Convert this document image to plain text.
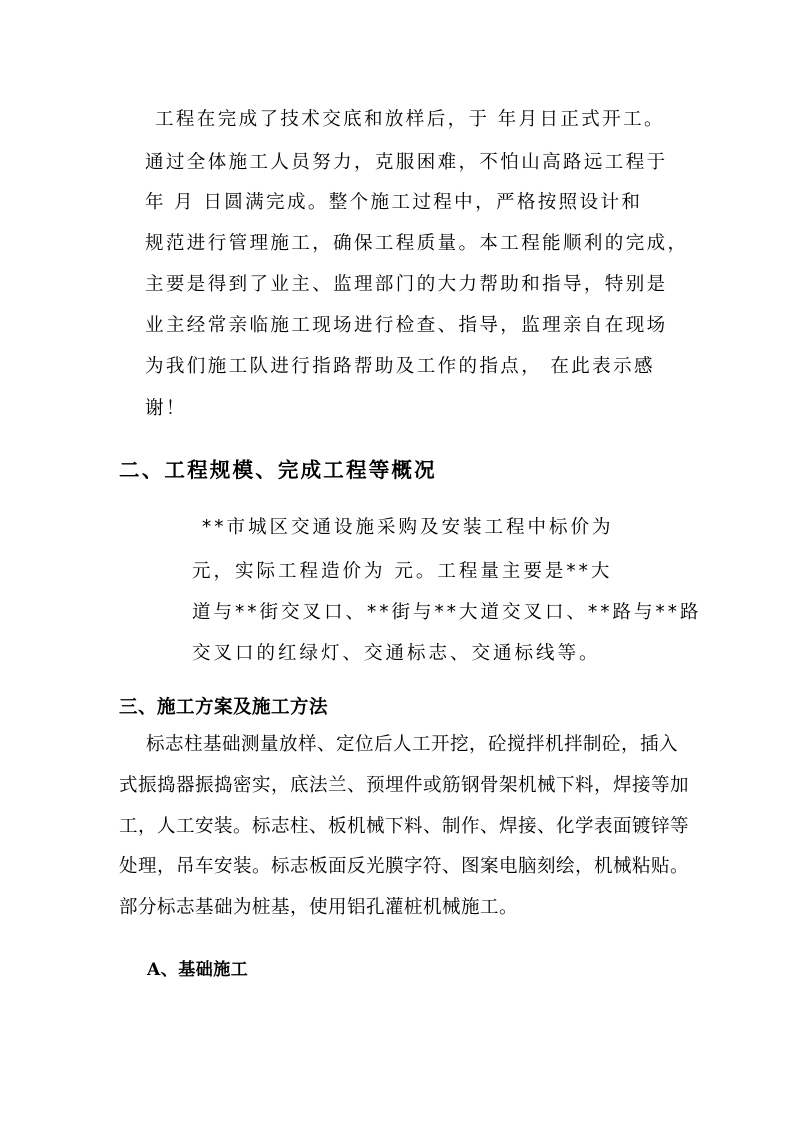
工程在完成了技术交底和放样后，于 年月日正式开工。
通过全体施工人员努力，克服困难，不怕山高路远工程于
年 月 日圆满完成。整个施工过程中，严格按照设计和
规范进行管理施工，确保工程质量。本工程能顺利的完成，
主要是得到了业主、监理部门的大力帮助和指导，特别是
业主经常亲临施工现场进行检查、指导，监理亲自在现场
为我们施工队进行指路帮助及工作的指点， 在此表示感
谢！
二、工程规模、完成工程等概况
**市城区交通设施采购及安装工程中标价为
元，实际工程造价为 元。工程量主要是**大
道与**街交叉口、**街与**大道交叉口、**路与**路
交叉口的红绿灯、交通标志、交通标线等。
三、施工方案及施工方法
标志柱基础测量放样、定位后人工开挖，砼搅拌机拌制砼，插入
式振捣器振捣密实，底法兰、预埋件或筋钢骨架机械下料，焊接等加
工，人工安装。标志柱、板机械下料、制作、焊接、化学表面镀锌等
处理，吊车安装。标志板面反光膜字符、图案电脑刻绘，机械粘贴。
部分标志基础为桩基，使用铝孔灌桩机械施工。
A、基础施工
